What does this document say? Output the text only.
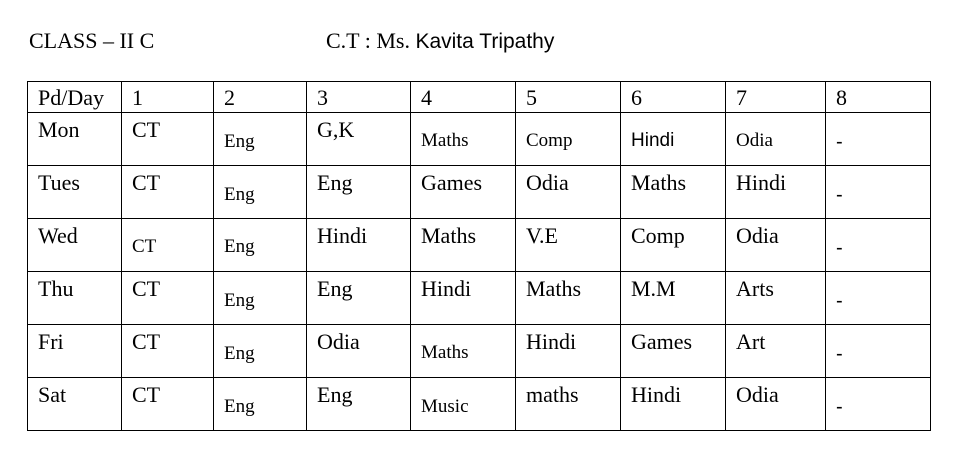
CLASS – II C	C.T : Ms. Kavita Tripathy
Pd/Day	1	2	3	4	5	6	7	8

Mon	CT	Eng	G,K	Maths	Comp	Hindi	Odia	-

Tues	CT	Eng	Eng	Games	Odia	Maths	Hindi	-

Wed	CT	Eng	Hindi	Maths	V.E	Comp	Odia	-

Thu	CT	Eng	Eng	Hindi	Maths	M.M	Arts	-

Fri	CT	Eng	Odia	Maths	Hindi	Games	Art	-

Sat	CT	Eng	Eng	Music	maths	Hindi	Odia	-
